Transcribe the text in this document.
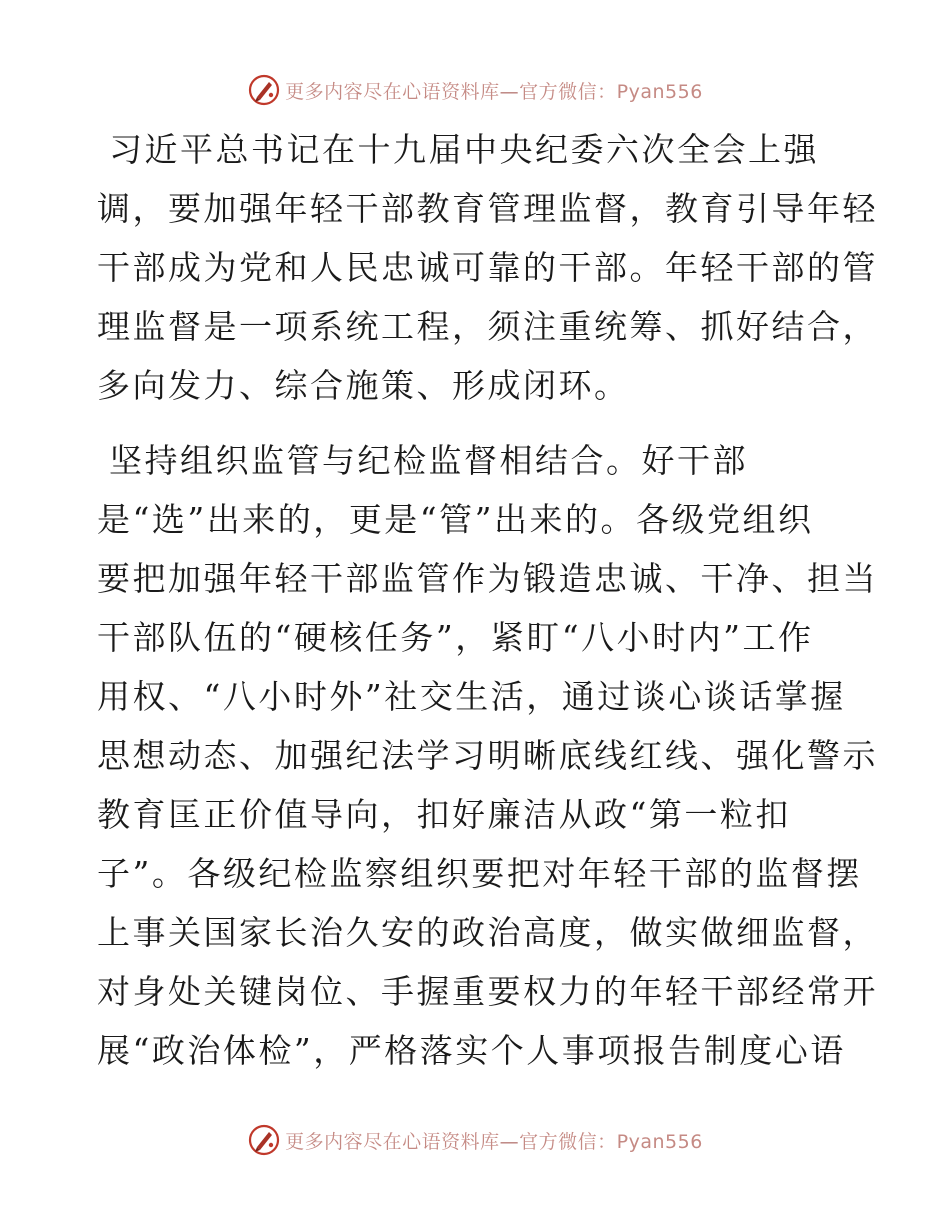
更多内容尽在心语资料库—官方微信：Pyan556
习近平总书记在十九届中央纪委六次全会上强
调，要加强年轻干部教育管理监督，教育引导年轻
干部成为党和人民忠诚可靠的干部。年轻干部的管
理监督是一项系统工程，须注重统筹、抓好结合，
多向发力、综合施策、形成闭环。
坚持组织监管与纪检监督相结合。好干部
是“选”出来的，更是“管”出来的。各级党组织
要把加强年轻干部监管作为锻造忠诚、干净、担当
干部队伍的“硬核任务”，紧盯“八小时内”工作
用权、“八小时外”社交生活，通过谈心谈话掌握
思想动态、加强纪法学习明晰底线红线、强化警示
教育匡正价值导向，扣好廉洁从政“第一粒扣
子”。各级纪检监察组织要把对年轻干部的监督摆
上事关国家长治久安的政治高度，做实做细监督，
对身处关键岗位、手握重要权力的年轻干部经常开
展“政治体检”，严格落实个人事项报告制度心语
更多内容尽在心语资料库—官方微信：Pyan556
